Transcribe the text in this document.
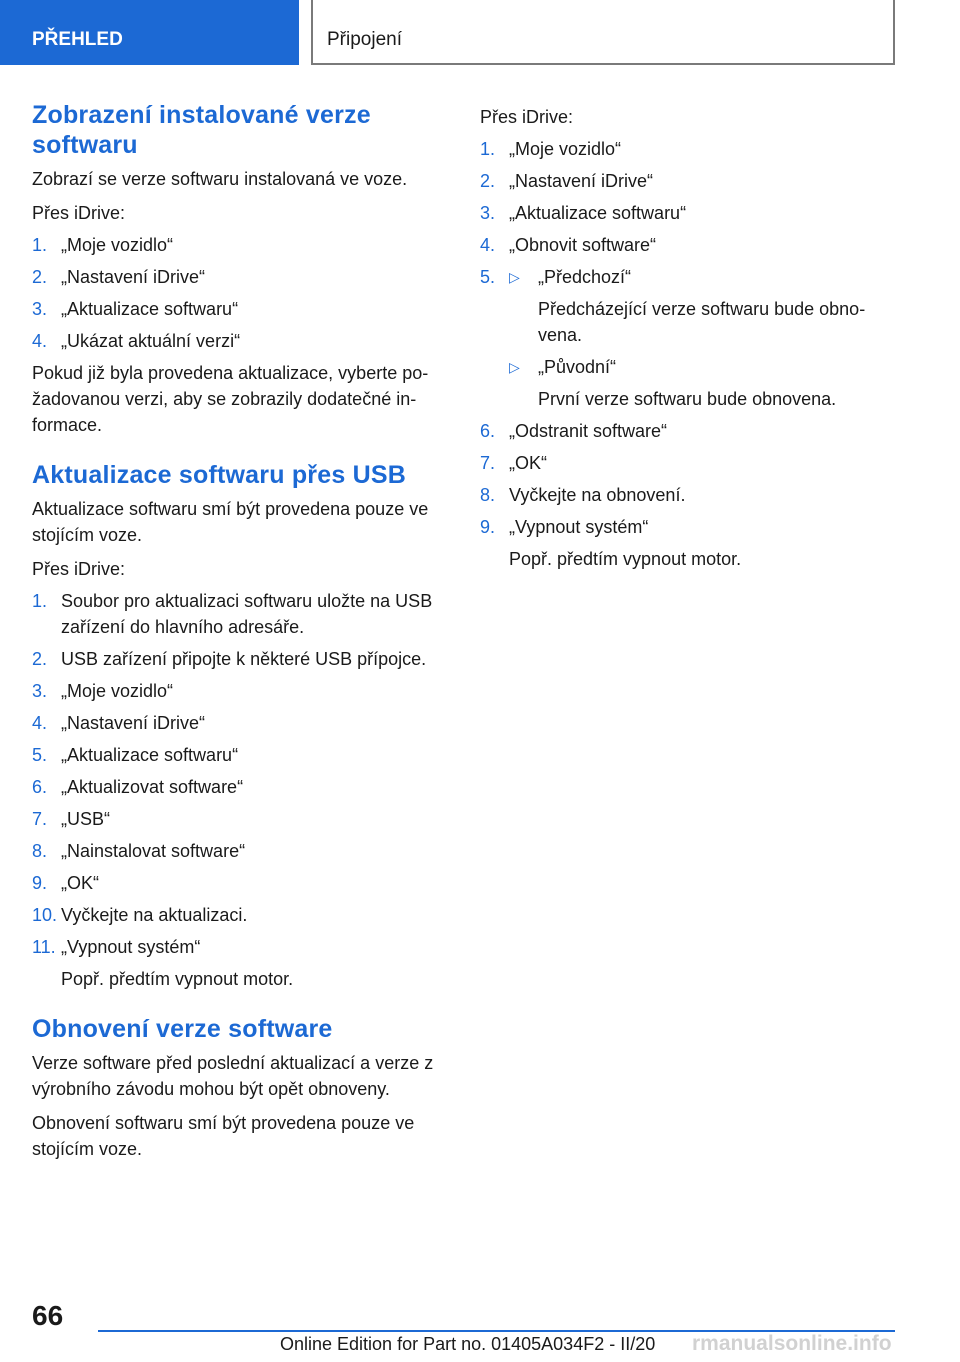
PŘEHLED	Připojení
Zobrazení instalované verze softwaru

Zobrazí se verze softwaru instalovaná ve voze.

Přes iDrive:

1. „Moje vozidlo“
2. „Nastavení iDrive“
3. „Aktualizace softwaru“
4. „Ukázat aktuální verzi“

Pokud již byla provedena aktualizace, vyberte po-žadovanou verzi, aby se zobrazily dodatečné in-formace.

Aktualizace softwaru přes USB

Aktualizace softwaru smí být provedena pouze ve stojícím voze.

Přes iDrive:

1. Soubor pro aktualizaci softwaru uložte na USB zařízení do hlavního adresáře.
2. USB zařízení připojte k některé USB přípojce.
3. „Moje vozidlo“
4. „Nastavení iDrive“
5. „Aktualizace softwaru“
6. „Aktualizovat software“
7. „USB“
8. „Nainstalovat software“
9. „OK“
10. Vyčkejte na aktualizaci.
11. „Vypnout systém“
Popř. předtím vypnout motor.
Obnovení verze software

Verze software před poslední aktualizací a verze z výrobního závodu mohou být opět obnoveny.

Obnovení softwaru smí být provedena pouze ve stojícím voze.

Přes iDrive:

1. „Moje vozidlo“
2. „Nastavení iDrive“
3. „Aktualizace softwaru“
4. „Obnovit software“
5. ▷ „Předchozí“
Předcházející verze softwaru bude obno-vena.
▷ „Původní“
První verze softwaru bude obnovena.
6. „Odstranit software“
7. „OK“
8. Vyčkejte na obnovení.
9. „Vypnout systém“
Popř. předtím vypnout motor.
66
Online Edition for Part no. 01405A034F2 - II/20 rmanualsonline.info
